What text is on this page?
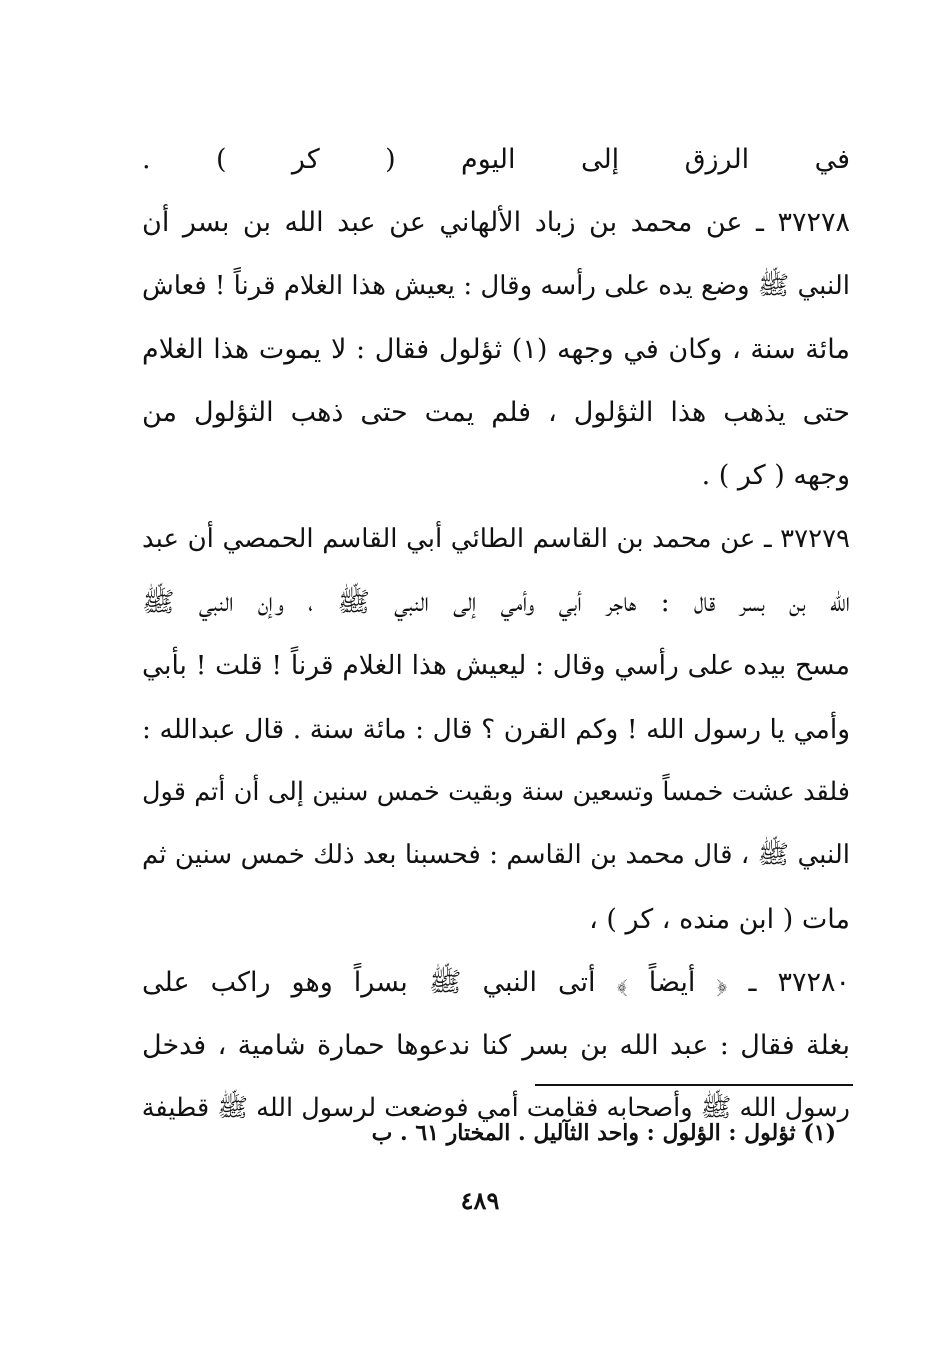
في الرزق إلى اليوم ( كر ) .
٣٧٢٧٨ ـ عن محمد بن زباد الألهاني عن عبد الله بن بسر أن
النبي ﷺ وضع يده على رأسه وقال : يعيش هذا الغلام قرناً ! فعاش
مائة سنة ، وكان في وجهه (١) ثؤلول فقال : لا يموت هذا الغلام
حتى يذهب هذا الثؤلول ، فلم يمت حتى ذهب الثؤلول من
وجهه ( كر ) .
٣٧٢٧٩ ـ عن محمد بن القاسم الطائي أبي القاسم الحمصي أن عبد
الله بن بسر قال : هاجر أبي وأمي إلى النبي ﷺ ، وإن النبي ﷺ
مسح بيده على رأسي وقال : ليعيش هذا الغلام قرناً ! قلت ! بأبي
وأمي يا رسول الله ! وكم القرن ؟ قال : مائة سنة . قال عبدالله :
فلقد عشت خمساً وتسعين سنة وبقيت خمس سنين إلى أن أتم قول
النبي ﷺ ، قال محمد بن القاسم : فحسبنا بعد ذلك خمس سنين ثم
مات ( ابن منده ، كر ) ،
٣٧٢٨٠ ـ ﴿ أيضاً ﴾ أتى النبي ﷺ بسراً وهو راكب على
بغلة فقال : عبد الله بن بسر كنا ندعوها حمارة شامية ، فدخل
رسول الله ﷺ وأصحابه فقامت أمي فوضعت لرسول الله ﷺ قطيفة
(١) ثؤلول : الؤلول : واحد الثآليل . المختار ٦١ . ب
٤٨٩
